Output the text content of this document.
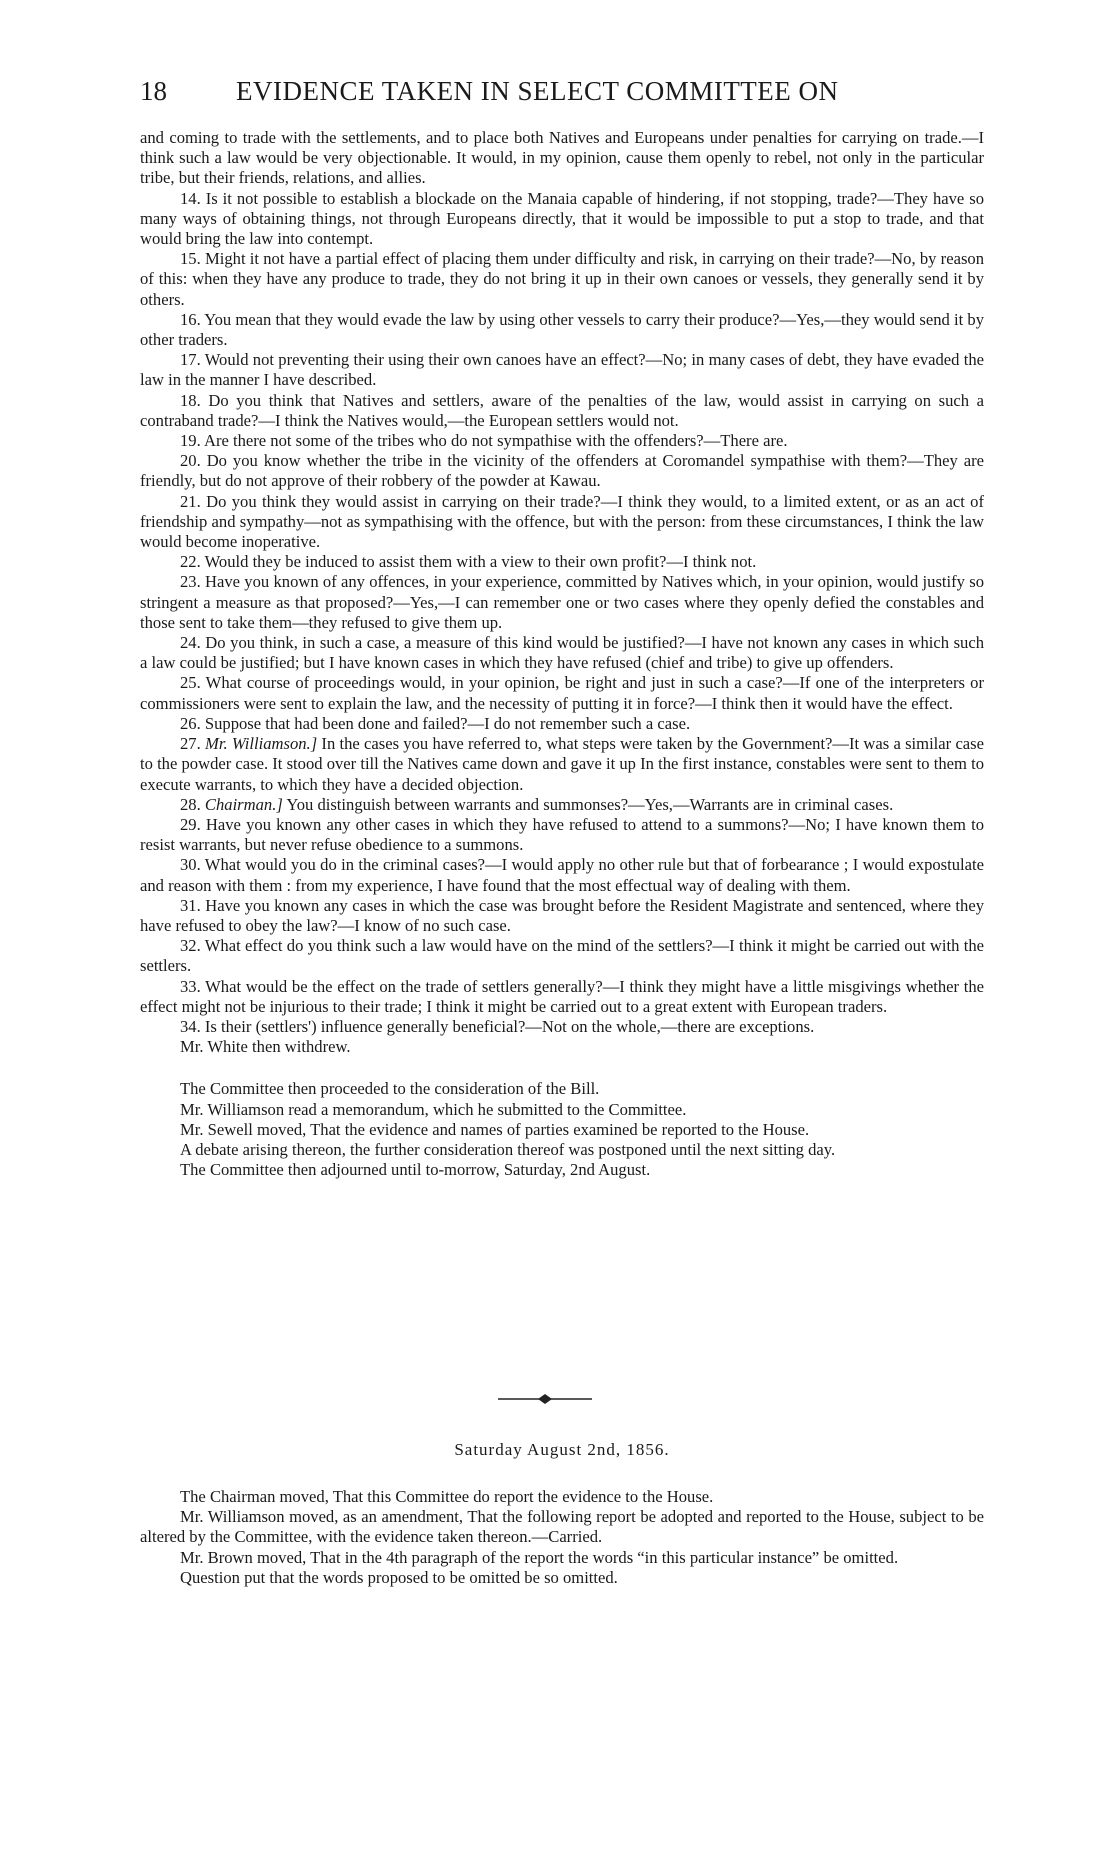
18	EVIDENCE TAKEN IN SELECT COMMITTEE ON

and coming to trade with the settlements, and to place both Natives and Europeans under penalties for carrying on trade.—I think such a law would be very objectionable. It would, in my opinion, cause them openly to rebel, not only in the particular tribe, but their friends, relations, and allies.

14. Is it not possible to establish a blockade on the Manaia capable of hindering, if not stopping, trade?—They have so many ways of obtaining things, not through Europeans directly, that it would be impossible to put a stop to trade, and that would bring the law into contempt.

15. Might it not have a partial effect of placing them under difficulty and risk, in carrying on their trade?—No, by reason of this: when they have any produce to trade, they do not bring it up in their own canoes or vessels, they generally send it by others.

16. You mean that they would evade the law by using other vessels to carry their produce?—Yes,—they would send it by other traders.

17. Would not preventing their using their own canoes have an effect?—No; in many cases of debt, they have evaded the law in the manner I have described.

18. Do you think that Natives and settlers, aware of the penalties of the law, would assist in carrying on such a contraband trade?—I think the Natives would,—the European settlers would not.

19. Are there not some of the tribes who do not sympathise with the offenders?—There are.

20. Do you know whether the tribe in the vicinity of the offenders at Coromandel sympathise with them?—They are friendly, but do not approve of their robbery of the powder at Kawau.

21. Do you think they would assist in carrying on their trade?—I think they would, to a limited extent, or as an act of friendship and sympathy—not as sympathising with the offence, but with the person: from these circumstances, I think the law would become inoperative.

22. Would they be induced to assist them with a view to their own profit?—I think not.

23. Have you known of any offences, in your experience, committed by Natives which, in your opinion, would justify so stringent a measure as that proposed?—Yes,—I can remember one or two cases where they openly defied the constables and those sent to take them—they refused to give them up.

24. Do you think, in such a case, a measure of this kind would be justified?—I have not known any cases in which such a law could be justified; but I have known cases in which they have refused (chief and tribe) to give up offenders.

25. What course of proceedings would, in your opinion, be right and just in such a case?—If one of the interpreters or commissioners were sent to explain the law, and the necessity of putting it in force?—I think then it would have the effect.

26. Suppose that had been done and failed?—I do not remember such a case.

27. Mr. Williamson.] In the cases you have referred to, what steps were taken by the Government?—It was a similar case to the powder case. It stood over till the Natives came down and gave it up In the first instance, constables were sent to them to execute warrants, to which they have a decided objection.

28. Chairman.] You distinguish between warrants and summonses?—Yes,—Warrants are in criminal cases.

29. Have you known any other cases in which they have refused to attend to a summons?—No; I have known them to resist warrants, but never refuse obedience to a summons.

30. What would you do in the criminal cases?—I would apply no other rule but that of forbearance ; I would expostulate and reason with them : from my experience, I have found that the most effectual way of dealing with them.

31. Have you known any cases in which the case was brought before the Resident Magistrate and sentenced, where they have refused to obey the law?—I know of no such case.

32. What effect do you think such a law would have on the mind of the settlers?—I think it might be carried out with the settlers.

33. What would be the effect on the trade of settlers generally?—I think they might have a little misgivings whether the effect might not be injurious to their trade; I think it might be carried out to a great extent with European traders.

34. Is their (settlers') influence generally beneficial?—Not on the whole,—there are exceptions.

Mr. White then withdrew.

The Committee then proceeded to the consideration of the Bill.

Mr. Williamson read a memorandum, which he submitted to the Committee.

Mr. Sewell moved, That the evidence and names of parties examined be reported to the House.

A debate arising thereon, the further consideration thereof was postponed until the next sitting day.

The Committee then adjourned until to-morrow, Saturday, 2nd August.

Saturday August 2nd, 1856.

The Chairman moved, That this Committee do report the evidence to the House.

Mr. Williamson moved, as an amendment, That the following report be adopted and reported to the House, subject to be altered by the Committee, with the evidence taken thereon.—Carried.

Mr. Brown moved, That in the 4th paragraph of the report the words “in this particular instance” be omitted.

Question put that the words proposed to be omitted be so omitted.
